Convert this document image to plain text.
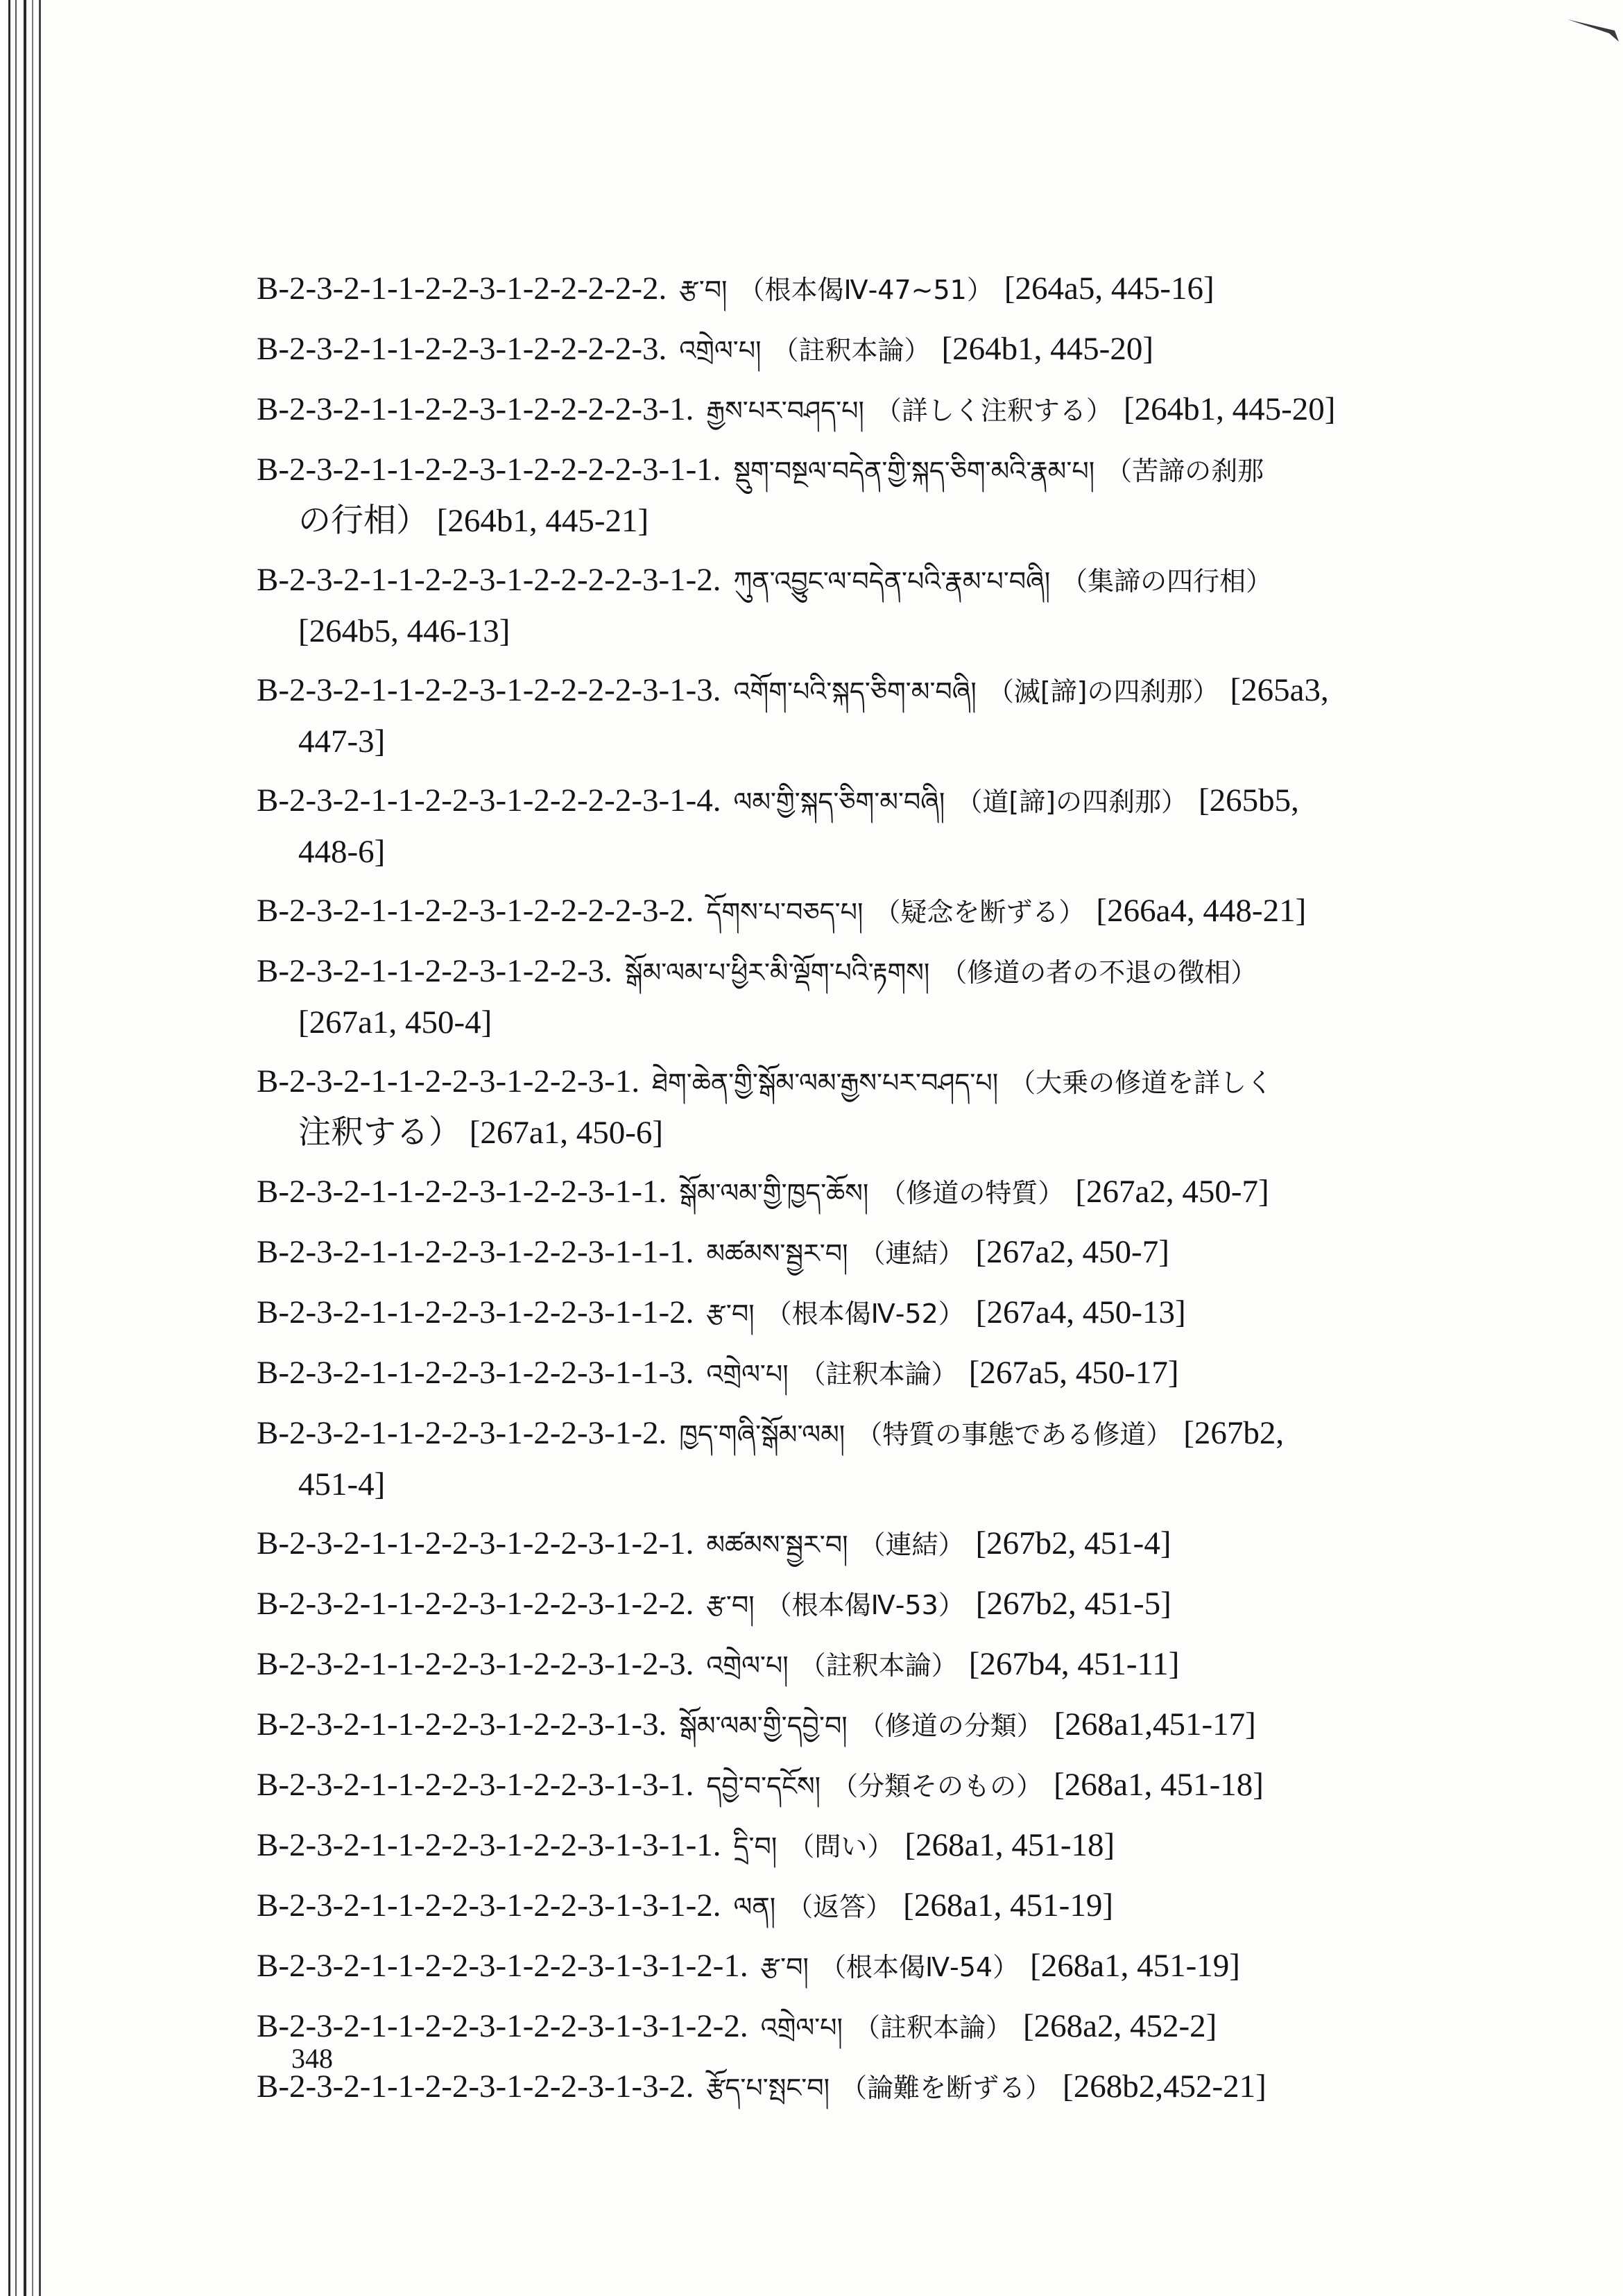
B-2-3-2-1-1-2-2-3-1-2-2-2-2-2. རྩ་བ། （根本偈Ⅳ-47~51） [264a5, 445-16]
B-2-3-2-1-1-2-2-3-1-2-2-2-2-3. འགྲེལ་པ། （註釈本論） [264b1, 445-20]
B-2-3-2-1-1-2-2-3-1-2-2-2-2-3-1. རྒྱས་པར་བཤད་པ། （詳しく注釈する） [264b1, 445-20]
B-2-3-2-1-1-2-2-3-1-2-2-2-2-3-1-1. སྡུག་བསྔལ་བདེན་གྱི་སྐད་ཅིག་མའི་རྣམ་པ། （苦諦の刹那
の行相） [264b1, 445-21]
B-2-3-2-1-1-2-2-3-1-2-2-2-2-3-1-2. ཀུན་འབྱུང་ལ་བདེན་པའི་རྣམ་པ་བཞི། （集諦の四行相）
[264b5, 446-13]
B-2-3-2-1-1-2-2-3-1-2-2-2-2-3-1-3. འགོག་པའི་སྐད་ཅིག་མ་བཞི། （滅[諦]の四刹那） [265a3,
447-3]
B-2-3-2-1-1-2-2-3-1-2-2-2-2-3-1-4. ལམ་གྱི་སྐད་ཅིག་མ་བཞི། （道[諦]の四刹那） [265b5,
448-6]
B-2-3-2-1-1-2-2-3-1-2-2-2-2-3-2. དོགས་པ་བཅད་པ། （疑念を断ずる） [266a4, 448-21]
B-2-3-2-1-1-2-2-3-1-2-2-3. སྒོམ་ལམ་པ་ཕྱིར་མི་ལྡོག་པའི་རྟགས། （修道の者の不退の徴相）
[267a1, 450-4]
B-2-3-2-1-1-2-2-3-1-2-2-3-1. ཐེག་ཆེན་གྱི་སྒོམ་ལམ་རྒྱས་པར་བཤད་པ། （大乗の修道を詳しく
注釈する） [267a1, 450-6]
B-2-3-2-1-1-2-2-3-1-2-2-3-1-1. སྒོམ་ལམ་གྱི་ཁྱད་ཆོས། （修道の特質） [267a2, 450-7]
B-2-3-2-1-1-2-2-3-1-2-2-3-1-1-1. མཚམས་སྦྱར་བ། （連結） [267a2, 450-7]
B-2-3-2-1-1-2-2-3-1-2-2-3-1-1-2. རྩ་བ། （根本偈Ⅳ-52） [267a4, 450-13]
B-2-3-2-1-1-2-2-3-1-2-2-3-1-1-3. འགྲེལ་པ། （註釈本論） [267a5, 450-17]
B-2-3-2-1-1-2-2-3-1-2-2-3-1-2. ཁྱད་གཞི་སྒོམ་ལམ། （特質の事態である修道） [267b2,
451-4]
B-2-3-2-1-1-2-2-3-1-2-2-3-1-2-1. མཚམས་སྦྱར་བ། （連結） [267b2, 451-4]
B-2-3-2-1-1-2-2-3-1-2-2-3-1-2-2. རྩ་བ། （根本偈Ⅳ-53） [267b2, 451-5]
B-2-3-2-1-1-2-2-3-1-2-2-3-1-2-3. འགྲེལ་པ། （註釈本論） [267b4, 451-11]
B-2-3-2-1-1-2-2-3-1-2-2-3-1-3. སྒོམ་ལམ་གྱི་དབྱེ་བ། （修道の分類） [268a1,451-17]
B-2-3-2-1-1-2-2-3-1-2-2-3-1-3-1. དབྱེ་བ་དངོས། （分類そのもの） [268a1, 451-18]
B-2-3-2-1-1-2-2-3-1-2-2-3-1-3-1-1. དྲི་བ། （問い） [268a1, 451-18]
B-2-3-2-1-1-2-2-3-1-2-2-3-1-3-1-2. ལན། （返答） [268a1, 451-19]
B-2-3-2-1-1-2-2-3-1-2-2-3-1-3-1-2-1. རྩ་བ། （根本偈Ⅳ-54） [268a1, 451-19]
B-2-3-2-1-1-2-2-3-1-2-2-3-1-3-1-2-2. འགྲེལ་པ། （註釈本論） [268a2, 452-2]
B-2-3-2-1-1-2-2-3-1-2-2-3-1-3-2. རྩོད་པ་སྤང་བ། （論難を断ずる） [268b2,452-21]
348
